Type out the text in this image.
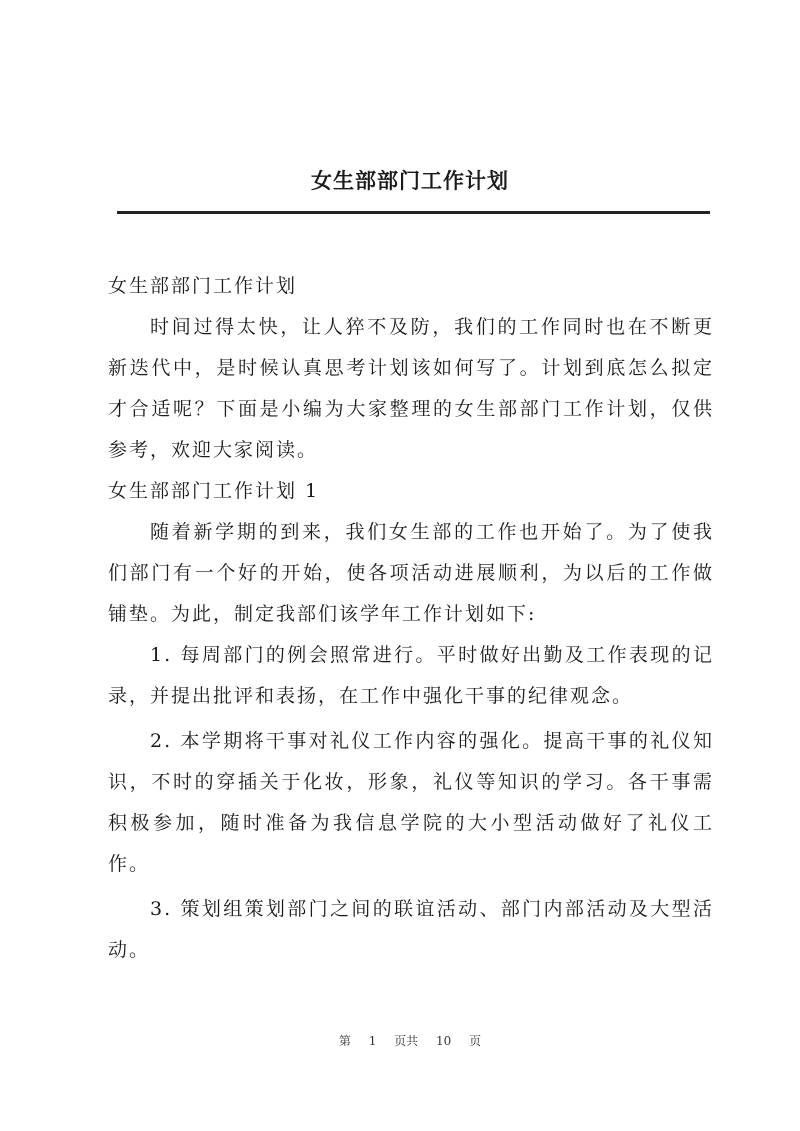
女生部部门工作计划

女生部部门工作计划

时间过得太快，让人猝不及防，我们的工作同时也在不断更新迭代中，是时候认真思考计划该如何写了。计划到底怎么拟定才合适呢？下面是小编为大家整理的女生部部门工作计划，仅供参考，欢迎大家阅读。

女生部部门工作计划 1

随着新学期的到来，我们女生部的工作也开始了。为了使我们部门有一个好的开始，使各项活动进展顺利，为以后的工作做铺垫。为此，制定我部们该学年工作计划如下:

1. 每周部门的例会照常进行。平时做好出勤及工作表现的记录，并提出批评和表扬，在工作中强化干事的纪律观念。

2. 本学期将干事对礼仪工作内容的强化。提高干事的礼仪知识，不时的穿插关于化妆，形象，礼仪等知识的学习。各干事需积极参加，随时准备为我信息学院的大小型活动做好了礼仪工作。

3. 策划组策划部门之间的联谊活动、部门内部活动及大型活动。

第 1 页共 10 页
